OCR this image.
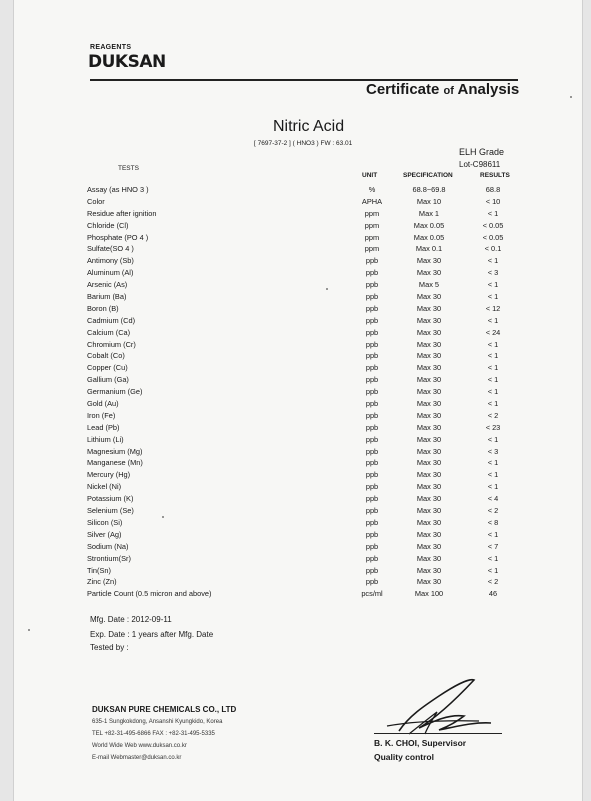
REAGENTS
DUKSAN
Certificate of Analysis
Nitric Acid
[ 7697-37-2 ] ( HNO3 ) FW : 63.01
ELH Grade
Lot-C98611
TESTS
UNIT	SPECIFICATION	RESULTS
Assay (as HNO 3 )	%	68.8~69.8	68.8
Color	APHA	Max 10	< 10
Residue after ignition	ppm	Max 1	< 1
Chloride (Cl)	ppm	Max 0.05	< 0.05
Phosphate (PO 4 )	ppm	Max 0.05	< 0.05
Sulfate(SO 4 )	ppm	Max 0.1	< 0.1
Antimony (Sb)	ppb	Max 30	< 1
Aluminum (Al)	ppb	Max 30	< 3
Arsenic (As)	ppb	Max 5	< 1
Barium (Ba)	ppb	Max 30	< 1
Boron (B)	ppb	Max 30	< 12
Cadmium (Cd)	ppb	Max 30	< 1
Calcium (Ca)	ppb	Max 30	< 24
Chromium (Cr)	ppb	Max 30	< 1
Cobalt (Co)	ppb	Max 30	< 1
Copper (Cu)	ppb	Max 30	< 1
Gallium (Ga)	ppb	Max 30	< 1
Germanium (Ge)	ppb	Max 30	< 1
Gold (Au)	ppb	Max 30	< 1
Iron (Fe)	ppb	Max 30	< 2
Lead (Pb)	ppb	Max 30	< 23
Lithium (Li)	ppb	Max 30	< 1
Magnesium (Mg)	ppb	Max 30	< 3
Manganese (Mn)	ppb	Max 30	< 1
Mercury (Hg)	ppb	Max 30	< 1
Nickel (Ni)	ppb	Max 30	< 1
Potassium (K)	ppb	Max 30	< 4
Selenium (Se)	ppb	Max 30	< 2
Silicon (Si)	ppb	Max 30	< 8
Silver (Ag)	ppb	Max 30	< 1
Sodium (Na)	ppb	Max 30	< 7
Strontium(Sr)	ppb	Max 30	< 1
Tin(Sn)	ppb	Max 30	< 1
Zinc (Zn)	ppb	Max 30	< 2
Particle Count (0.5 micron and above)	pcs/ml	Max 100	46
Mfg. Date : 2012-09-11
Exp. Date : 1 years after Mfg. Date
Tested by :
DUKSAN PURE CHEMICALS CO., LTD
635-1 Sungkokdong, Ansanshi Kyungkido, Korea
TEL +82-31-495-6866 FAX : +82-31-495-5335
World Wide Web www.duksan.co.kr
E-mail Webmaster@duksan.co.kr
B. K. CHOI, Supervisor
Quality control
